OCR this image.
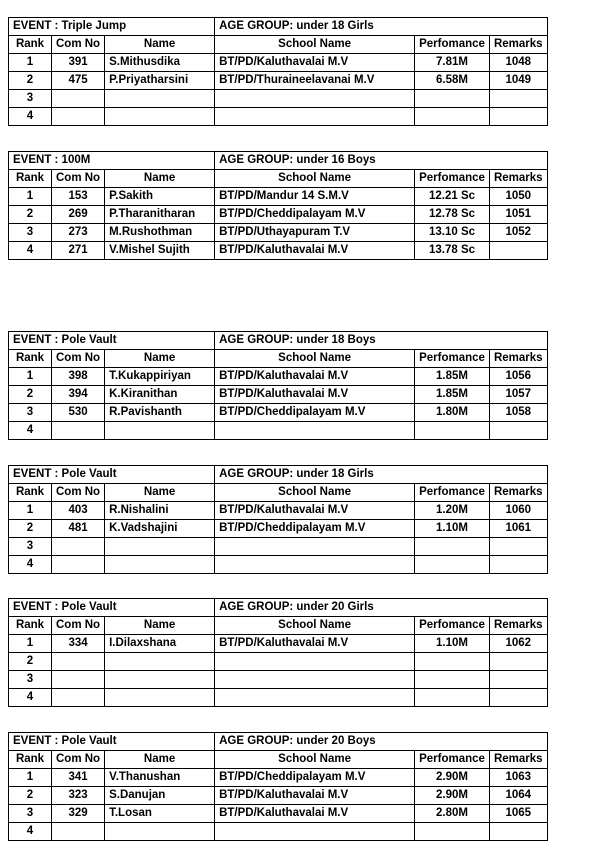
EVENT : Triple Jump			AGE GROUP: under 18 Girls		
Rank	Com No	Name	School Name	Perfomance	Remarks
1	391	S.Mithusdika	BT/PD/Kaluthavalai M.V	7.81M	1048
2	475	P.Priyatharsini	BT/PD/Thuraineelavanai M.V	6.58M	1049
3					
4					
EVENT : 100M			AGE GROUP: under 16 Boys		
Rank	Com No	Name	School Name	Perfomance	Remarks
1	153	P.Sakith	BT/PD/Mandur 14 S.M.V	12.21 Sc	1050
2	269	P.Tharanitharan	BT/PD/Cheddipalayam M.V	12.78 Sc	1051
3	273	M.Rushothman	BT/PD/Uthayapuram T.V	13.10 Sc	1052
4	271	V.Mishel Sujith	BT/PD/Kaluthavalai M.V	13.78 Sc	
EVENT : Pole Vault			AGE GROUP: under 18 Boys		
Rank	Com No	Name	School Name	Perfomance	Remarks
1	398	T.Kukappiriyan	BT/PD/Kaluthavalai M.V	1.85M	1056
2	394	K.Kiranithan	BT/PD/Kaluthavalai M.V	1.85M	1057
3	530	R.Pavishanth	BT/PD/Cheddipalayam M.V	1.80M	1058
4					
EVENT : Pole Vault			AGE GROUP: under 18 Girls		
Rank	Com No	Name	School Name	Perfomance	Remarks
1	403	R.Nishalini	BT/PD/Kaluthavalai M.V	1.20M	1060
2	481	K.Vadshajini	BT/PD/Cheddipalayam M.V	1.10M	1061
3					
4					
EVENT : Pole Vault			AGE GROUP: under 20 Girls		
Rank	Com No	Name	School Name	Perfomance	Remarks
1	334	I.Dilaxshana	BT/PD/Kaluthavalai M.V	1.10M	1062
2					
3					
4					
EVENT : Pole Vault			AGE GROUP: under 20 Boys		
Rank	Com No	Name	School Name	Perfomance	Remarks
1	341	V.Thanushan	BT/PD/Cheddipalayam M.V	2.90M	1063
2	323	S.Danujan	BT/PD/Kaluthavalai M.V	2.90M	1064
3	329	T.Losan	BT/PD/Kaluthavalai M.V	2.80M	1065
4					
